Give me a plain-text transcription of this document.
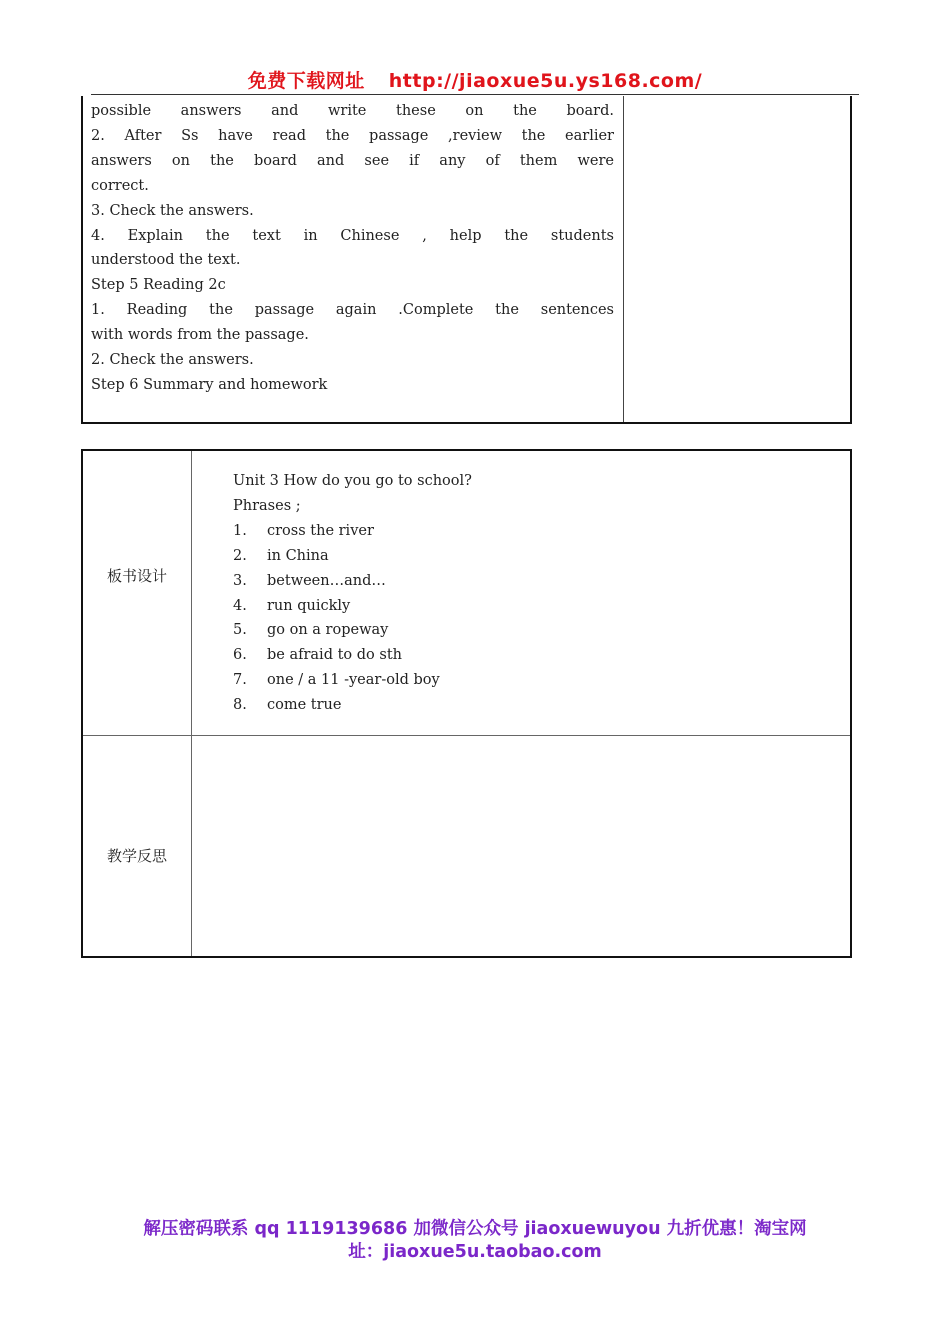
免费下载网址 http://jiaoxue5u.ys168.com/
possible answers and write these on the board.
2. After Ss have read the passage ,review the earlier
answers on the board and see if any of them were
correct.
3. Check the answers.
4. Explain the text in Chinese , help the students
understood the text.
Step 5 Reading 2c
1. Reading the passage again .Complete the sentences
with words from the passage.
2. Check the answers.
Step 6 Summary and homework
板书设计
Unit 3 How do you go to school?
Phrases ;
1. cross the river
2. in China
3. between…and…
4. run quickly
5. go on a ropeway
6. be afraid to do sth
7. one / a 11 -year-old boy
8. come true
教学反思
解压密码联系 qq 1119139686 加微信公众号 jiaoxuewuyou 九折优惠！淘宝网
址：jiaoxue5u.taobao.com
